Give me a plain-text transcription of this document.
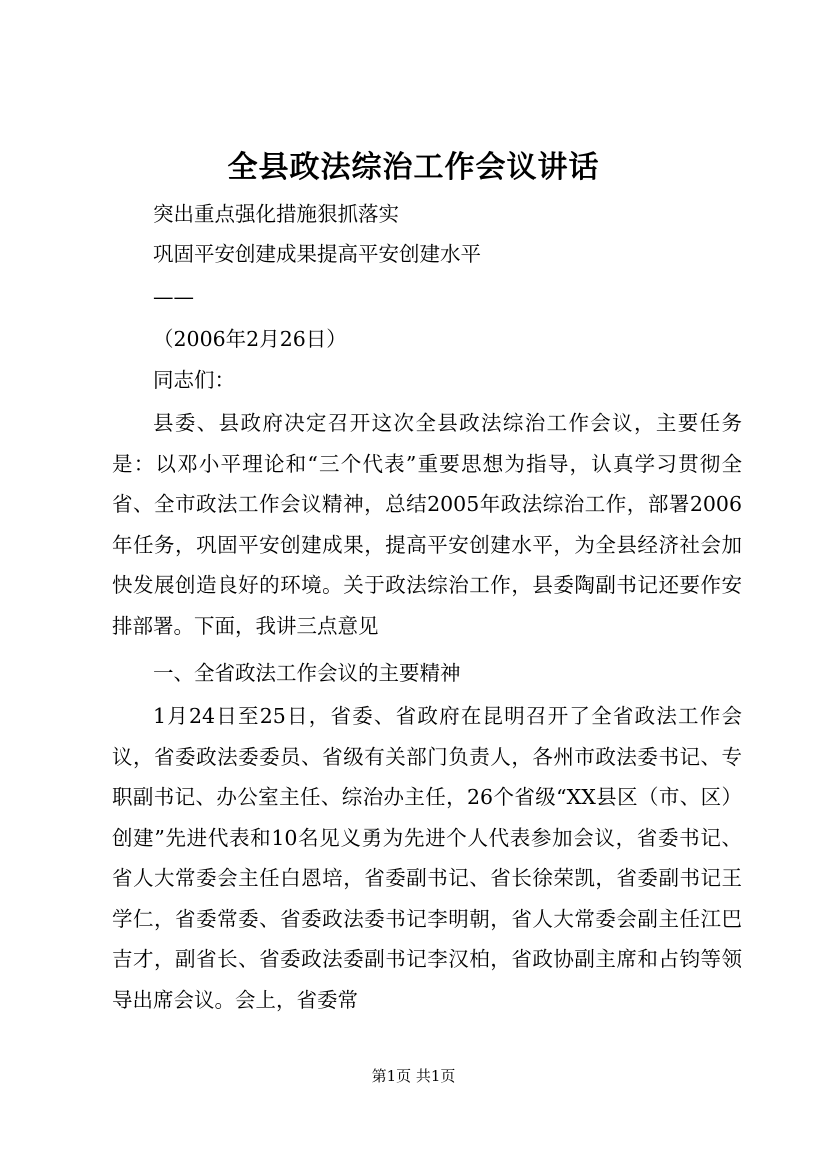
全县政法综治工作会议讲话
突出重点强化措施狠抓落实
巩固平安创建成果提高平安创建水平
——
（2006年2月26日）
同志们：
县委、县政府决定召开这次全县政法综治工作会议，主要任务是：以邓小平理论和“三个代表”重要思想为指导，认真学习贯彻全省、全市政法工作会议精神，总结2005年政法综治工作，部署2006年任务，巩固平安创建成果，提高平安创建水平，为全县经济社会加快发展创造良好的环境。关于政法综治工作，县委陶副书记还要作安排部署。下面，我讲三点意见
一、全省政法工作会议的主要精神
1月24日至25日，省委、省政府在昆明召开了全省政法工作会议，省委政法委委员、省级有关部门负责人，各州市政法委书记、专职副书记、办公室主任、综治办主任，26个省级“XX县区（市、区）创建”先进代表和10名见义勇为先进个人代表参加会议，省委书记、省人大常委会主任白恩培，省委副书记、省长徐荣凯，省委副书记王学仁，省委常委、省委政法委书记李明朝，省人大常委会副主任江巴吉才，副省长、省委政法委副书记李汉柏，省政协副主席和占钧等领导出席会议。会上，省委常
第1页 共1页
